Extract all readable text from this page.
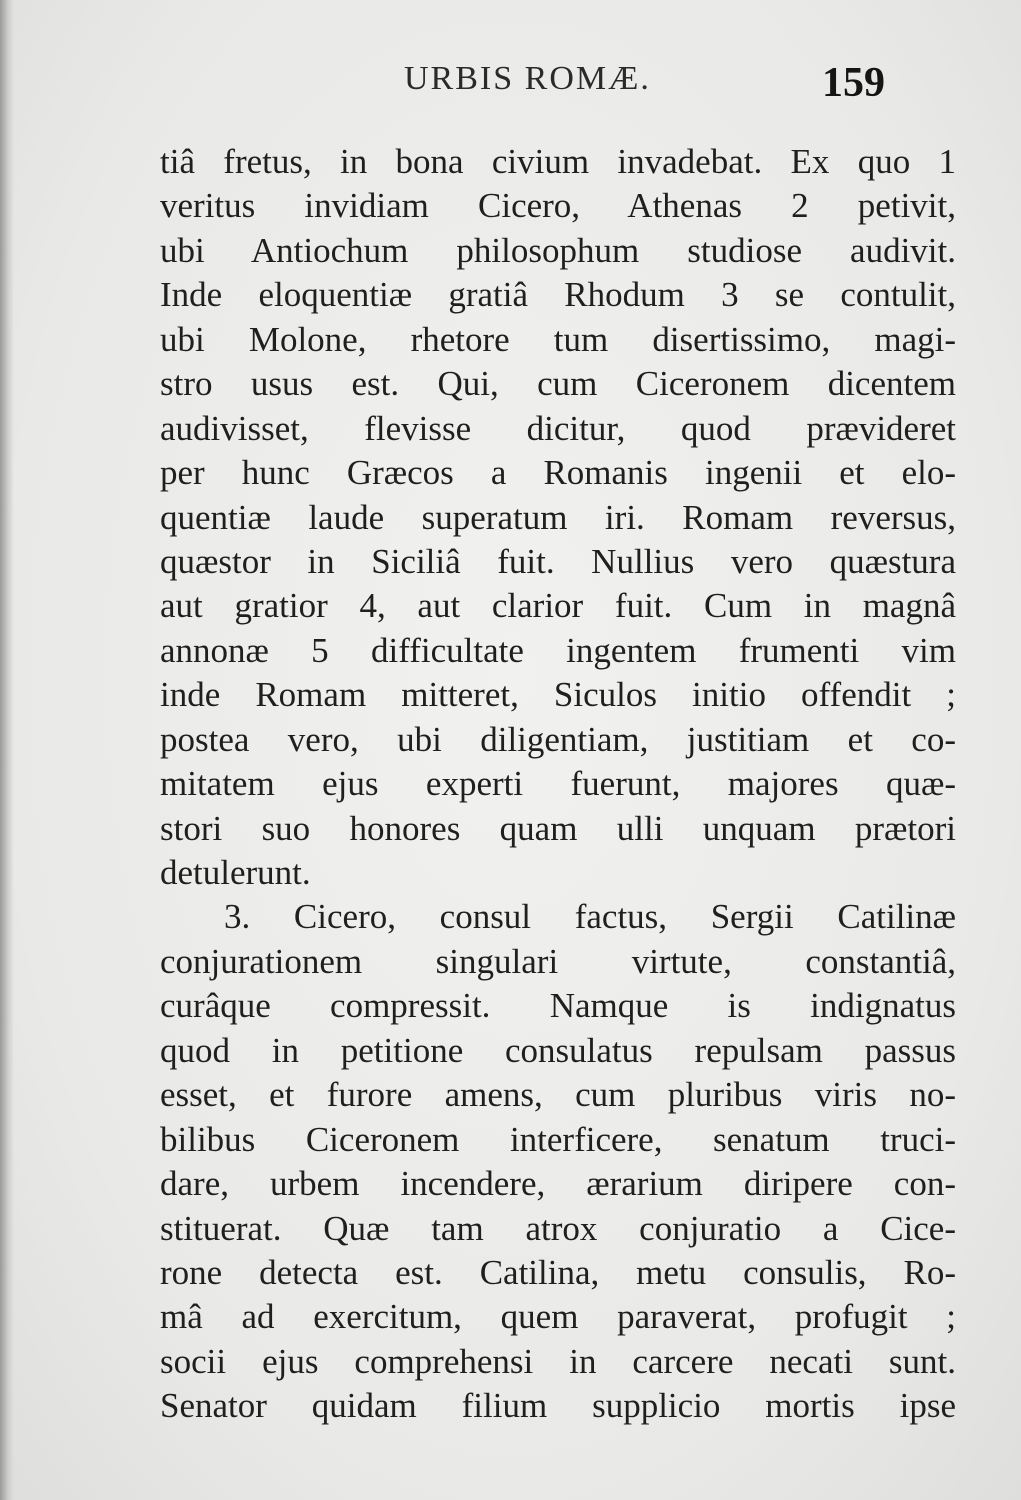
URBIS ROMÆ.	159
tiâ fretus, in bona civium invadebat. Ex quo 1
veritus invidiam Cicero, Athenas 2 petivit,
ubi Antiochum philosophum studiose audivit.
Inde eloquentiæ gratiâ Rhodum 3 se contulit,
ubi Molone, rhetore tum disertissimo, magi-
stro usus est. Qui, cum Ciceronem dicentem
audivisset, flevisse dicitur, quod prævideret
per hunc Græcos a Romanis ingenii et elo-
quentiæ laude superatum iri. Romam reversus,
quæstor in Siciliâ fuit. Nullius vero quæstura
aut gratior 4, aut clarior fuit. Cum in magnâ
annonæ 5 difficultate ingentem frumenti vim
inde Romam mitteret, Siculos initio offendit ;
postea vero, ubi diligentiam, justitiam et co-
mitatem ejus experti fuerunt, majores quæ-
stori suo honores quam ulli unquam prætori
detulerunt.
3. Cicero, consul factus, Sergii Catilinæ
conjurationem singulari virtute, constantiâ,
curâque compressit. Namque is indignatus
quod in petitione consulatus repulsam passus
esset, et furore amens, cum pluribus viris no-
bilibus Ciceronem interficere, senatum truci-
dare, urbem incendere, ærarium diripere con-
stituerat. Quæ tam atrox conjuratio a Cice-
rone detecta est. Catilina, metu consulis, Ro-
mâ ad exercitum, quem paraverat, profugit ;
socii ejus comprehensi in carcere necati sunt.
Senator quidam filium supplicio mortis ipse
